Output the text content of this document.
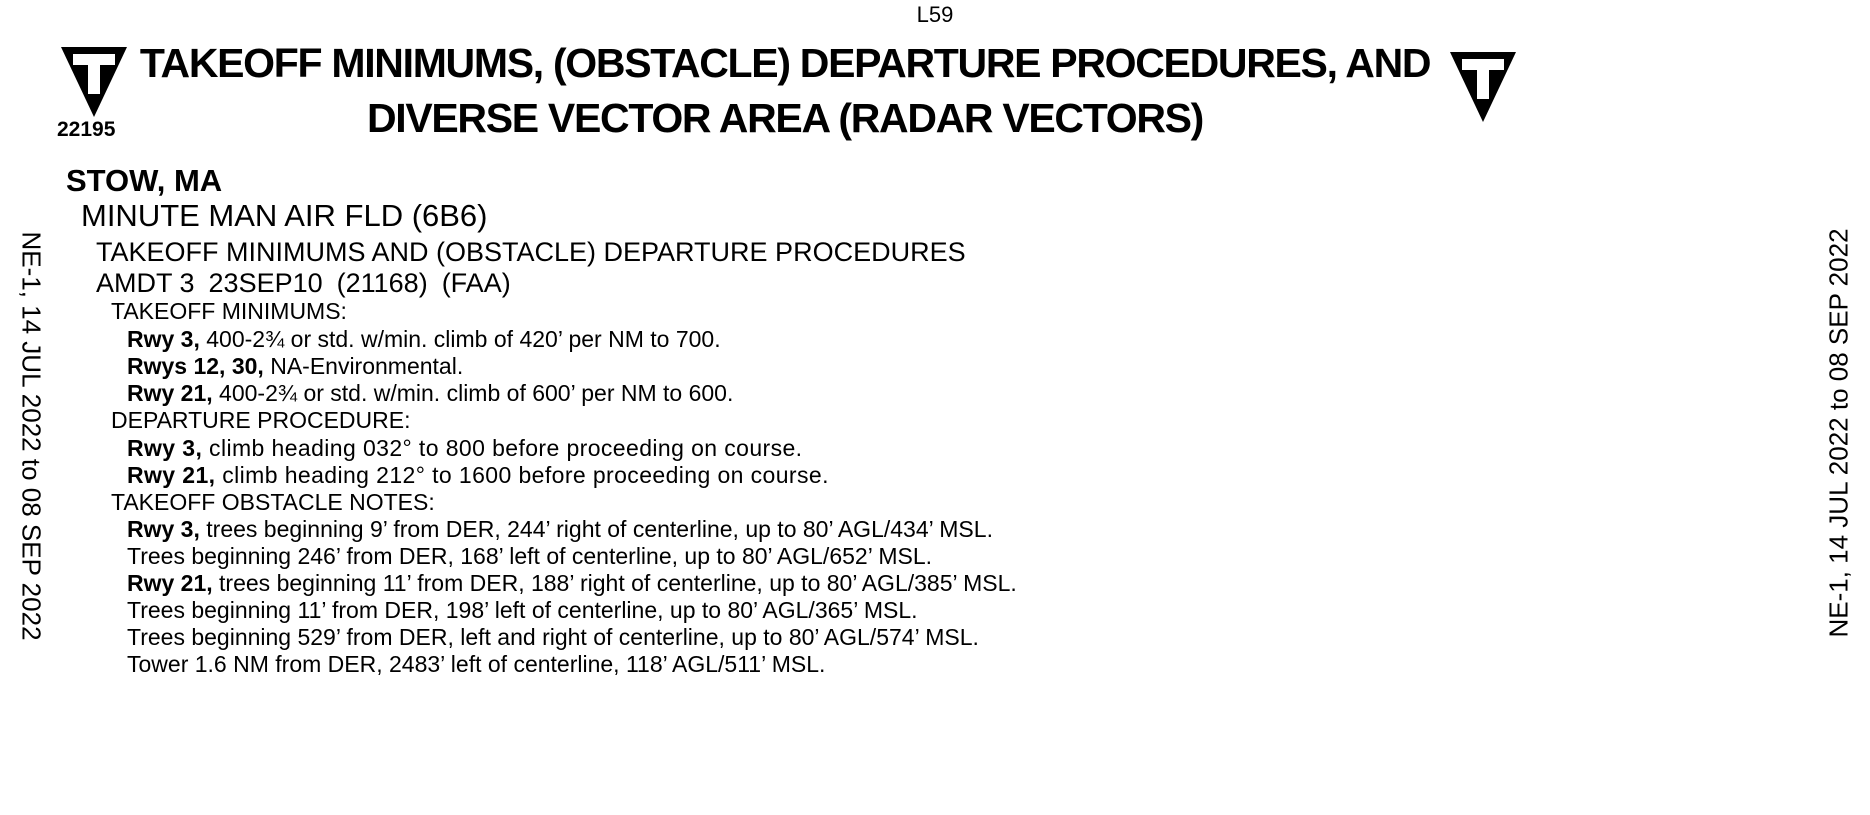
L59
22195
TAKEOFF MINIMUMS, (OBSTACLE) DEPARTURE PROCEDURES, AND
DIVERSE VECTOR AREA (RADAR VECTORS)
NE-1, 14 JUL 2022 to 08 SEP 2022	NE-1, 14 JUL 2022 to 08 SEP 2022
STOW, MA
MINUTE MAN AIR FLD (6B6)
TAKEOFF MINIMUMS AND (OBSTACLE) DEPARTURE PROCEDURES
AMDT 3 23SEP10 (21168) (FAA)
TAKEOFF MINIMUMS:
Rwy 3, 400-2¾ or std. w/min. climb of 420’ per NM to 700.
Rwys 12, 30, NA-Environmental.
Rwy 21, 400-2¾ or std. w/min. climb of 600’ per NM to 600.
DEPARTURE PROCEDURE:
Rwy 3, climb heading 032° to 800 before proceeding on course.
Rwy 21, climb heading 212° to 1600 before proceeding on course.
TAKEOFF OBSTACLE NOTES:
Rwy 3, trees beginning 9’ from DER, 244’ right of centerline, up to 80’ AGL/434’ MSL.
Trees beginning 246’ from DER, 168’ left of centerline, up to 80’ AGL/652’ MSL.
Rwy 21, trees beginning 11’ from DER, 188’ right of centerline, up to 80’ AGL/385’ MSL.
Trees beginning 11’ from DER, 198’ left of centerline, up to 80’ AGL/365’ MSL.
Trees beginning 529’ from DER, left and right of centerline, up to 80’ AGL/574’ MSL.
Tower 1.6 NM from DER, 2483’ left of centerline, 118’ AGL/511’ MSL.
